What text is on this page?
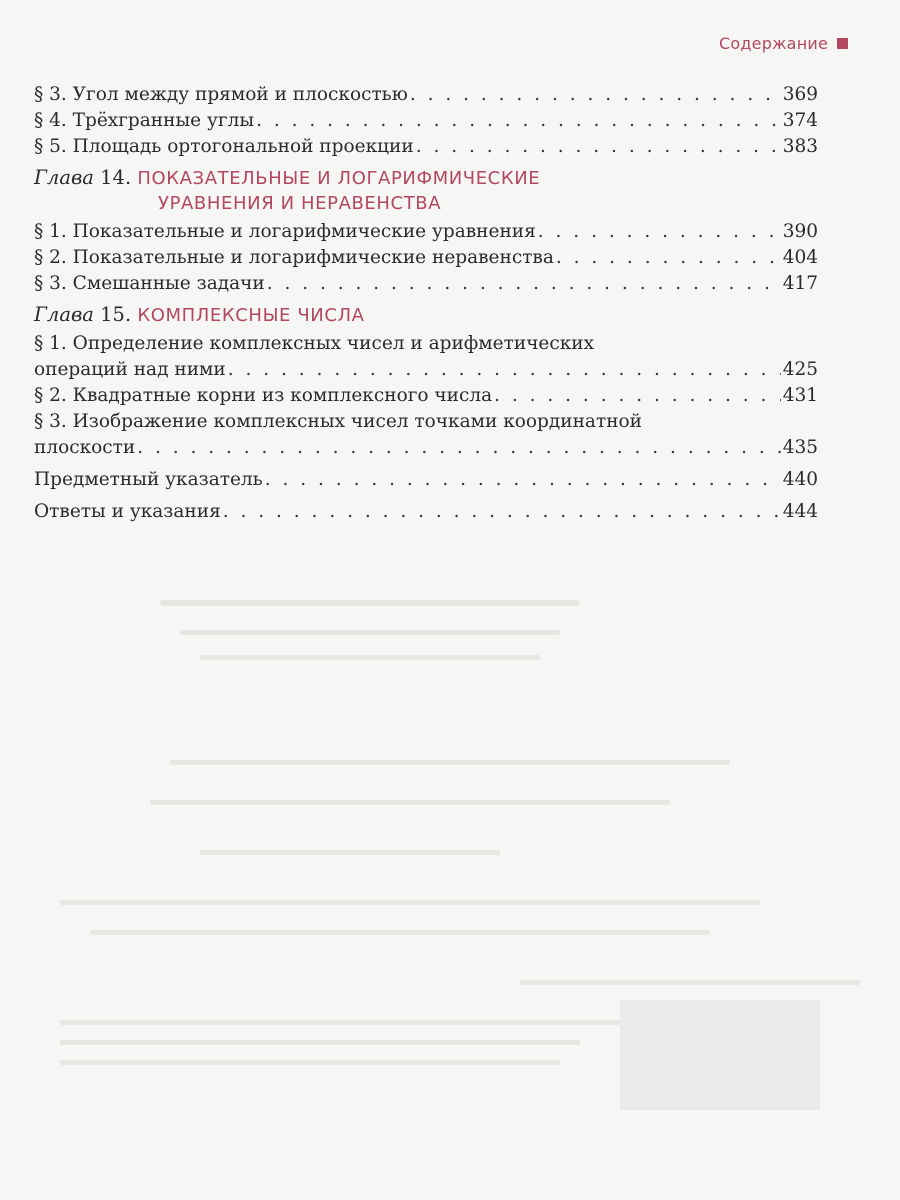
Содержание
§ 3. Угол между прямой и плоскостью . . .	369
§ 4. Трёхгранные углы . . .	374
§ 5. Площадь ортогональной проекции . . .	383
Глава 14. ПОКАЗАТЕЛЬНЫЕ И ЛОГАРИФМИЧЕСКИЕ
УРАВНЕНИЯ И НЕРАВЕНСТВА
§ 1. Показательные и логарифмические уравнения . . .	390
§ 2. Показательные и логарифмические неравенства . . .	404
§ 3. Смешанные задачи . . .	417
Глава 15. КОМПЛЕКСНЫЕ ЧИСЛА
§ 1. Определение комплексных чисел и арифметических
операций над ними . . .	425
§ 2. Квадратные корни из комплексного числа . . .	431
§ 3. Изображение комплексных чисел точками координатной
плоскости . . .	435
Предметный указатель . . .	440
Ответы и указания . . .	444
